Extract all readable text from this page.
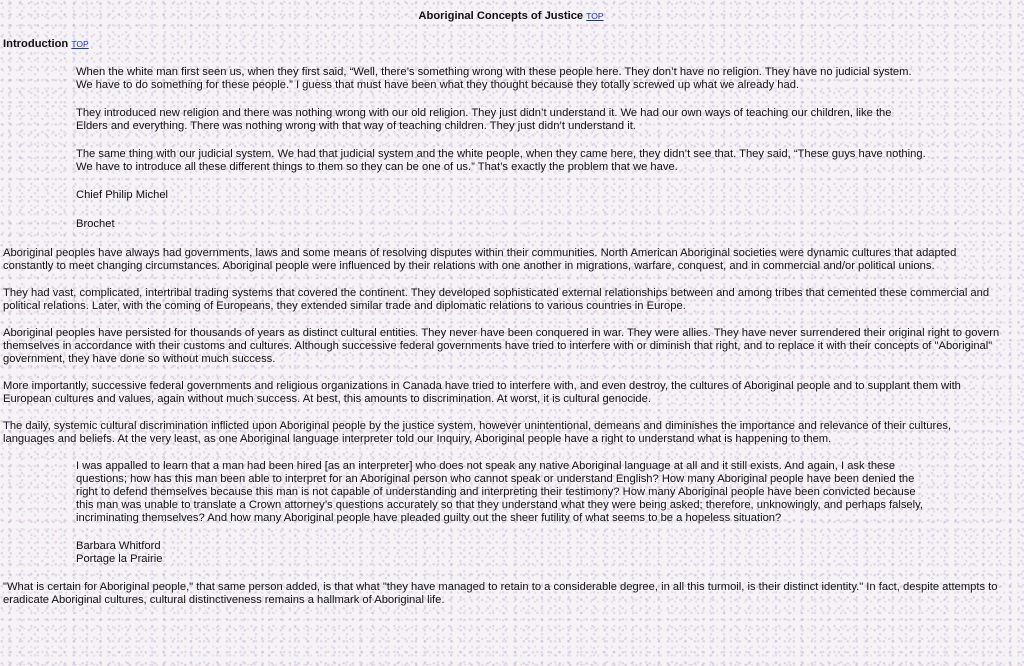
Aboriginal Concepts of Justice TOP
Introduction TOP

When the white man first seen us, when they first said, “Well, there’s something wrong with these people here. They don’t have no religion. They have no judicial system. We have to do something for these people.” I guess that must have been what they thought because they totally screwed up what we already had.

They introduced new religion and there was nothing wrong with our old religion. They just didn’t understand it. We had our own ways of teaching our children, like the Elders and everything. There was nothing wrong with that way of teaching children. They just didn’t understand it.

The same thing with our judicial system. We had that judicial system and the white people, when they came here, they didn’t see that. They said, “These guys have nothing. We have to introduce all these different things to them so they can be one of us.” That’s exactly the problem that we have.

Chief Philip Michel

Brochet

Aboriginal peoples have always had governments, laws and some means of resolving disputes within their communities. North American Aboriginal societies were dynamic cultures that adapted constantly to meet changing circumstances. Aboriginal people were influenced by their relations with one another in migrations, warfare, conquest, and in commercial and/or political unions.

They had vast, complicated, intertribal trading systems that covered the continent. They developed sophisticated external relationships between and among tribes that cemented these commercial and political relations. Later, with the coming of Europeans, they extended similar trade and diplomatic relations to various countries in Europe.

Aboriginal peoples have persisted for thousands of years as distinct cultural entities. They never have been conquered in war. They were allies. They have never surrendered their original right to govern themselves in accordance with their customs and cultures. Although successive federal governments have tried to interfere with or diminish that right, and to replace it with their concepts of "Aboriginal" government, they have done so without much success.

More importantly, successive federal governments and religious organizations in Canada have tried to interfere with, and even destroy, the cultures of Aboriginal people and to supplant them with European cultures and values, again without much success. At best, this amounts to discrimination. At worst, it is cultural genocide.

The daily, systemic cultural discrimination inflicted upon Aboriginal people by the justice system, however unintentional, demeans and diminishes the importance and relevance of their cultures, languages and beliefs. At the very least, as one Aboriginal language interpreter told our Inquiry, Aboriginal people have a right to understand what is happening to them.

I was appalled to learn that a man had been hired [as an interpreter] who does not speak any native Aboriginal language at all and it still exists. And again, I ask these questions; how has this man been able to interpret for an Aboriginal person who cannot speak or understand English? How many Aboriginal people have been denied the right to defend themselves because this man is not capable of understanding and interpreting their testimony? How many Aboriginal people have been convicted because this man was unable to translate a Crown attorney’s questions accurately so that they understand what they were being asked; therefore, unknowingly, and perhaps falsely, incriminating themselves? And how many Aboriginal people have pleaded guilty out the sheer futility of what seems to be a hopeless situation?

Barbara Whitford

Portage la Prairie

"What is certain for Aboriginal people," that same person added, is that what "they have managed to retain to a considerable degree, in all this turmoil, is their distinct identity." In fact, despite attempts to eradicate Aboriginal cultures, cultural distinctiveness remains a hallmark of Aboriginal life.
